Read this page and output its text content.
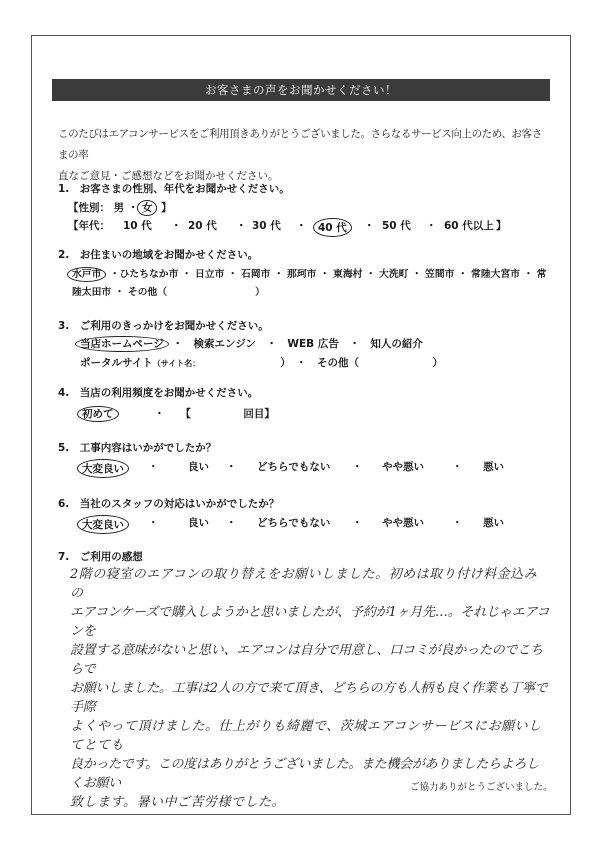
お客さまの声をお聞かせください！
このたびはエアコンサービスをご利用頂きありがとうございました。さらなるサービス向上のため、お客さまの率
直なご意見・ご感想などをお聞かせください。
1.　お客さまの性別、年代をお聞かせください。
【性別： 男 ・ 女 】
【年代： 10 代 ・ 20 代 ・ 30 代 ・	40 代	・ 50 代 ・ 60 代以上 】
2.　お住まいの地域をお聞かせください。
水戸市 ・ひたちなか市 ・ 日立市 ・ 石岡市 ・ 那珂市 ・ 東海村 ・ 大洗町 ・ 笠間市 ・ 常陸大宮市 ・ 常
陸太田市 ・ その他（　　　　　　　　　）
3.　ご利用のきっかけをお聞かせください。
当店ホームページ ・　検索エンジン　・　WEB 広告　・　知人の紹介
ポータルサイト（サイト名：　　　　　　　　）　・　その他（　　　　　　　）
4.　当店の利用頻度をお聞かせください。
初めて	・　　【　　　　　回目】
5.　工事内容はいかがでしたか？
大変良い	・	良い ・ どちらでもない ・ やや悪い	・ 悪い
6.　当社のスタッフの対応はいかがでしたか？
大変良い	・	良い ・ どちらでもない ・ やや悪い	・ 悪い
7.　ご利用の感想
2階の寝室のエアコンの取り替えをお願いしました。初めは取り付け料金込みの
エアコンケーズで購入しようかと思いましたが、予約が1ヶ月先…。それじゃエアコンを
設置する意味がないと思い、エアコンは自分で用意し、口コミが良かったのでこちらで
お願いしました。工事は2人の方で来て頂き、どちらの方も人柄も良く作業も丁寧で手際
よくやって頂けました。仕上がりも綺麗で、茨城エアコンサービスにお願いしてとても
良かったです。この度はありがとうございました。また機会がありましたらよろしくお願い
致します。暑い中ご苦労様でした。
ご協力ありがとうございました。
